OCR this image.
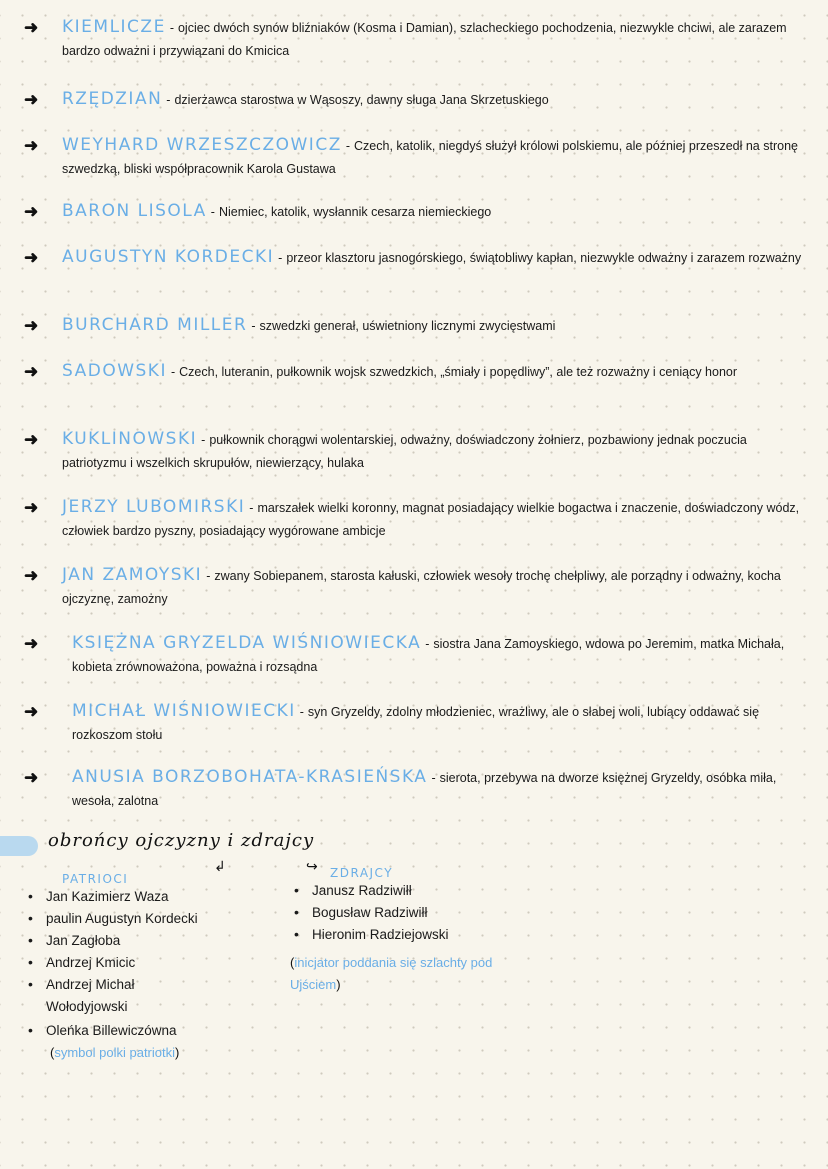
➜ KIEMLICZE - ojciec dwóch synów bliźniaków (Kosma i Damian), szlacheckiego pochodzenia, niezwykle chciwi, ale zarazem bardzo odważni i przywiązani do Kmicica
➜ RZĘDZIAN - dzierżawca starostwa w Wąsoszy, dawny sługa Jana Skrzetuskiego
➜ WEYHARD WRZESZCZOWICZ - Czech, katolik, niegdyś służył królowi polskiemu, ale później przeszedł na stronę szwedzką, bliski współpracownik Karola Gustawa
➜ BARON LISOLA - Niemiec, katolik, wysłannik cesarza niemieckiego
➜ AUGUSTYN KORDECKI - przeor klasztoru jasnogórskiego, świątobliwy kapłan, niezwykle odważny i zarazem rozważny
➜ BURCHARD MILLER - szwedzki generał, uświetniony licznymi zwycięstwami
➜ SADOWSKI - Czech, luteranin, pułkownik wojsk szwedzkich, „śmiały i popędliwy”, ale też rozważny i ceniący honor
➜ KUKLINOWSKI - pułkownik chorągwi wolentarskiej, odważny, doświadczony żołnierz, pozbawiony jednak poczucia patriotyzmu i wszelkich skrupułów, niewierzący, hulaka
➜ JERZY LUBOMIRSKI - marszałek wielki koronny, magnat posiadający wielkie bogactwa i znaczenie, doświadczony wódz, człowiek bardzo pyszny, posiadający wygórowane ambicje
➜ JAN ZAMOYSKI - zwany Sobiepanem, starosta kałuski, człowiek wesoły trochę chełpliwy, ale porządny i odważny, kocha ojczyznę, zamożny
➜ KSIĘŻNA GRYZELDA WIŚNIOWIECKA - siostra Jana Zamoyskiego, wdowa po Jeremim, matka Michała, kobieta zrównoważona, poważna i rozsądna
➜ MICHAŁ WIŚNIOWIECKI - syn Gryzeldy, zdolny młodzieniec, wrażliwy, ale o słabej woli, lubiący oddawać się rozkoszom stołu
➜ ANUSIA BORZOBOHATA-KRASIEŃSKA - sierota, przebywa na dworze księżnej Gryzeldy, osóbka miła, wesoła, zalotna
obrońcy ojczyzny i zdrajcy
↲	↪
PATRIOCI
• Jan Kazimierz Waza
• paulin Augustyn Kordecki
• Jan Zagłoba
• Andrzej Kmicic
• Andrzej Michał Wołodyjowski
• Oleńka Billewiczówna
(symbol polki patriotki)
ZDRAJCY
• Janusz Radziwiłł
• Bogusław Radziwiłł
• Hieronim Radziejowski
(inicjator poddania się szlachty pod Ujściem)
